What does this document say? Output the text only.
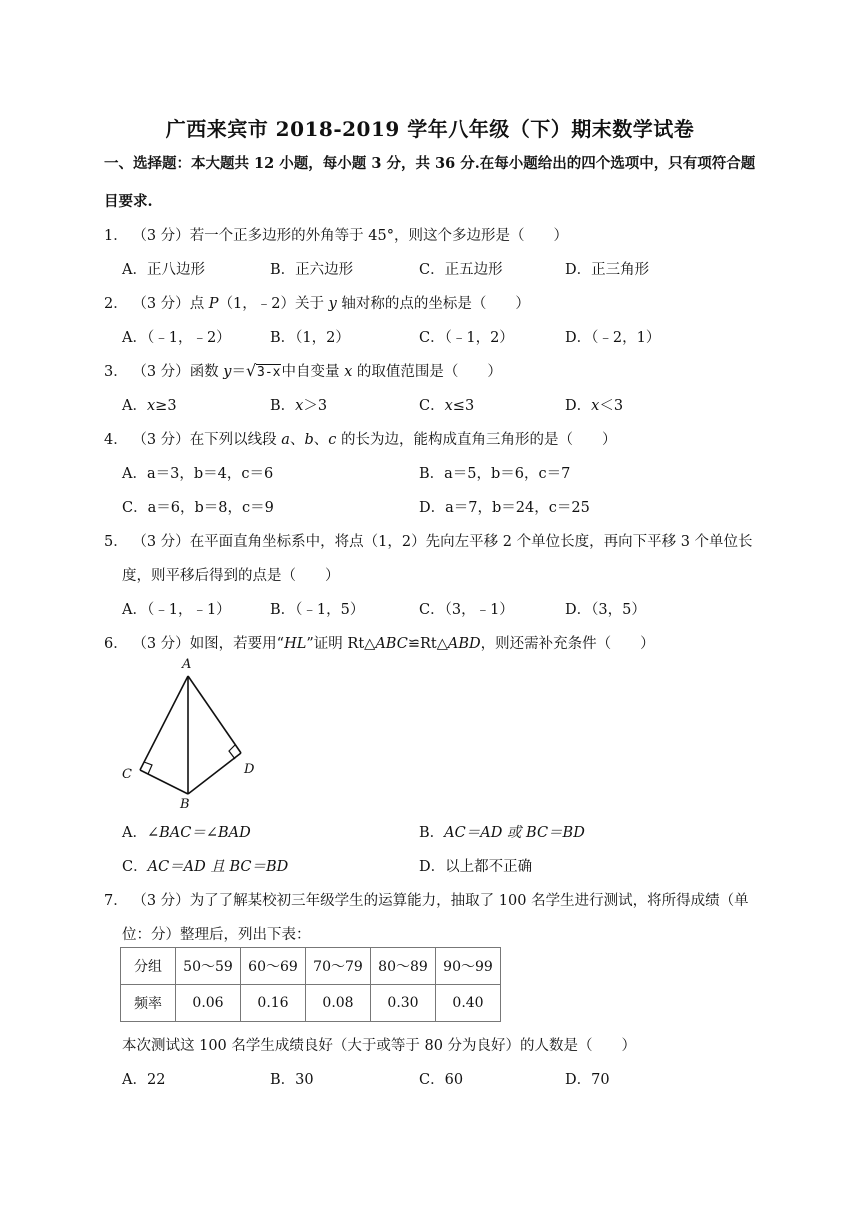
广西来宾市 2018-2019 学年八年级（下）期末数学试卷
一、选择题：本大题共 12 小题，每小题 3 分，共 36 分.在每小题给出的四个选项中，只有项符合题
目要求.
1． （3 分）若一个正多边形的外角等于 45°，则这个多边形是（　　）
A．正八边形	B．正六边形	C．正五边形	D．正三角形
2． （3 分）点 P（1，﹣2）关于 y 轴对称的点的坐标是（　　）
A．（﹣1，﹣2）	B．（1，2）	C．（﹣1，2）	D．（﹣2，1）
3． （3 分）函数 y＝ √ 3-x中自变量 x 的取值范围是（　　）
A．x≥3	B．x＞3	C．x≤3	D．x＜3
4． （3 分）在下列以线段 a、b、c 的长为边，能构成直角三角形的是（　　）
A．a＝3，b＝4，c＝6	B．a＝5，b＝6，c＝7
C．a＝6，b＝8，c＝9	D．a＝7，b＝24，c＝25
5． （3 分）在平面直角坐标系中，将点（1，2）先向左平移 2 个单位长度，再向下平移 3 个单位长
度，则平移后得到的点是（　　）
A．（﹣1，﹣1）	B．（﹣1，5）	C．（3，﹣1）	D．（3，5）
6． （3 分）如图，若要用“HL”证明 Rt△ABC≌Rt△ABD，则还需补充条件（　　）
A
C
B
D
A．∠BAC＝∠BAD	B．AC＝AD 或 BC＝BD
C．AC＝AD 且 BC＝BD	D．以上都不正确
7． （3 分）为了了解某校初三年级学生的运算能力，抽取了 100 名学生进行测试，将所得成绩（单
位：分）整理后，列出下表：
分组	50～59	60～69	70～79	80～89	90～99
频率	0.06	0.16	0.08	0.30	0.40
本次测试这 100 名学生成绩良好（大于或等于 80 分为良好）的人数是（　　）
A．22	B．30	C．60	D．70
